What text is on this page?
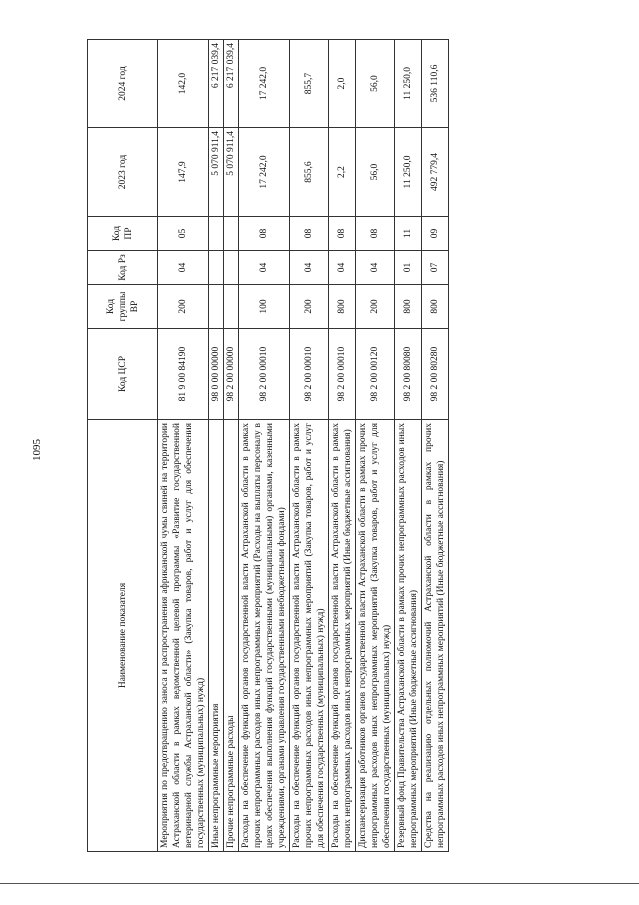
1095
Наименование показателя	Код ЦСР	Код группы ВР	Код Рз	Код ПР	2023 год	2024 год
Мероприятия по предотвращению заноса и распространения африканской чумы свиней на территории Астраханской области в рамках ведомственной целевой программы «Развитие государственной ветеринарной службы Астраханской области» (Закупка товаров, работ и услуг для обеспечения государственных (муниципальных) нужд)	81 9 00 84190	200	04	05	147,9	142,0
Иные непрограммные мероприятия	98 0 00 00000				5 070 911,4	6 217 039,4
Прочие непрограммные расходы	98 2 00 00000				5 070 911,4	6 217 039,4
Расходы на обеспечение функций органов государственной власти Астраханской области в рамках прочих непрограммных расходов иных непрограммных мероприятий (Расходы на выплаты персоналу в целях обеспечения выполнения функций государственными (муниципальными) органами, казенными учреждениями, органами управления государственными внебюджетными фондами)	98 2 00 00010	100	04	08	17 242,0	17 242,0
Расходы на обеспечение функций органов государственной власти Астраханской области в рамках прочих непрограммных расходов иных непрограммных мероприятий (Закупка товаров, работ и услуг для обеспечения государственных (муниципальных) нужд)	98 2 00 00010	200	04	08	855,6	855,7
Расходы на обеспечение функций органов государственной власти Астраханской области в рамках прочих непрограммных расходов иных непрограммных мероприятий (Иные бюджетные ассигнования)	98 2 00 00010	800	04	08	2,2	2,0
Диспансеризация работников органов государственной власти Астраханской области в рамках прочих непрограммных расходов иных непрограммных мероприятий (Закупка товаров, работ и услуг для обеспечения государственных (муниципальных) нужд)	98 2 00 00120	200	04	08	56,0	56,0
Резервный фонд Правительства Астраханской области в рамках прочих непрограммных расходов иных непрограммных мероприятий (Иные бюджетные ассигнования)	98 2 00 80080	800	01	11	11 250,0	11 250,0
Средства на реализацию отдельных полномочий Астраханской области в рамках прочих непрограммных расходов иных непрограммных мероприятий (Иные бюджетные ассигнования)	98 2 00 80280	800	07	09	492 779,4	536 110,6
